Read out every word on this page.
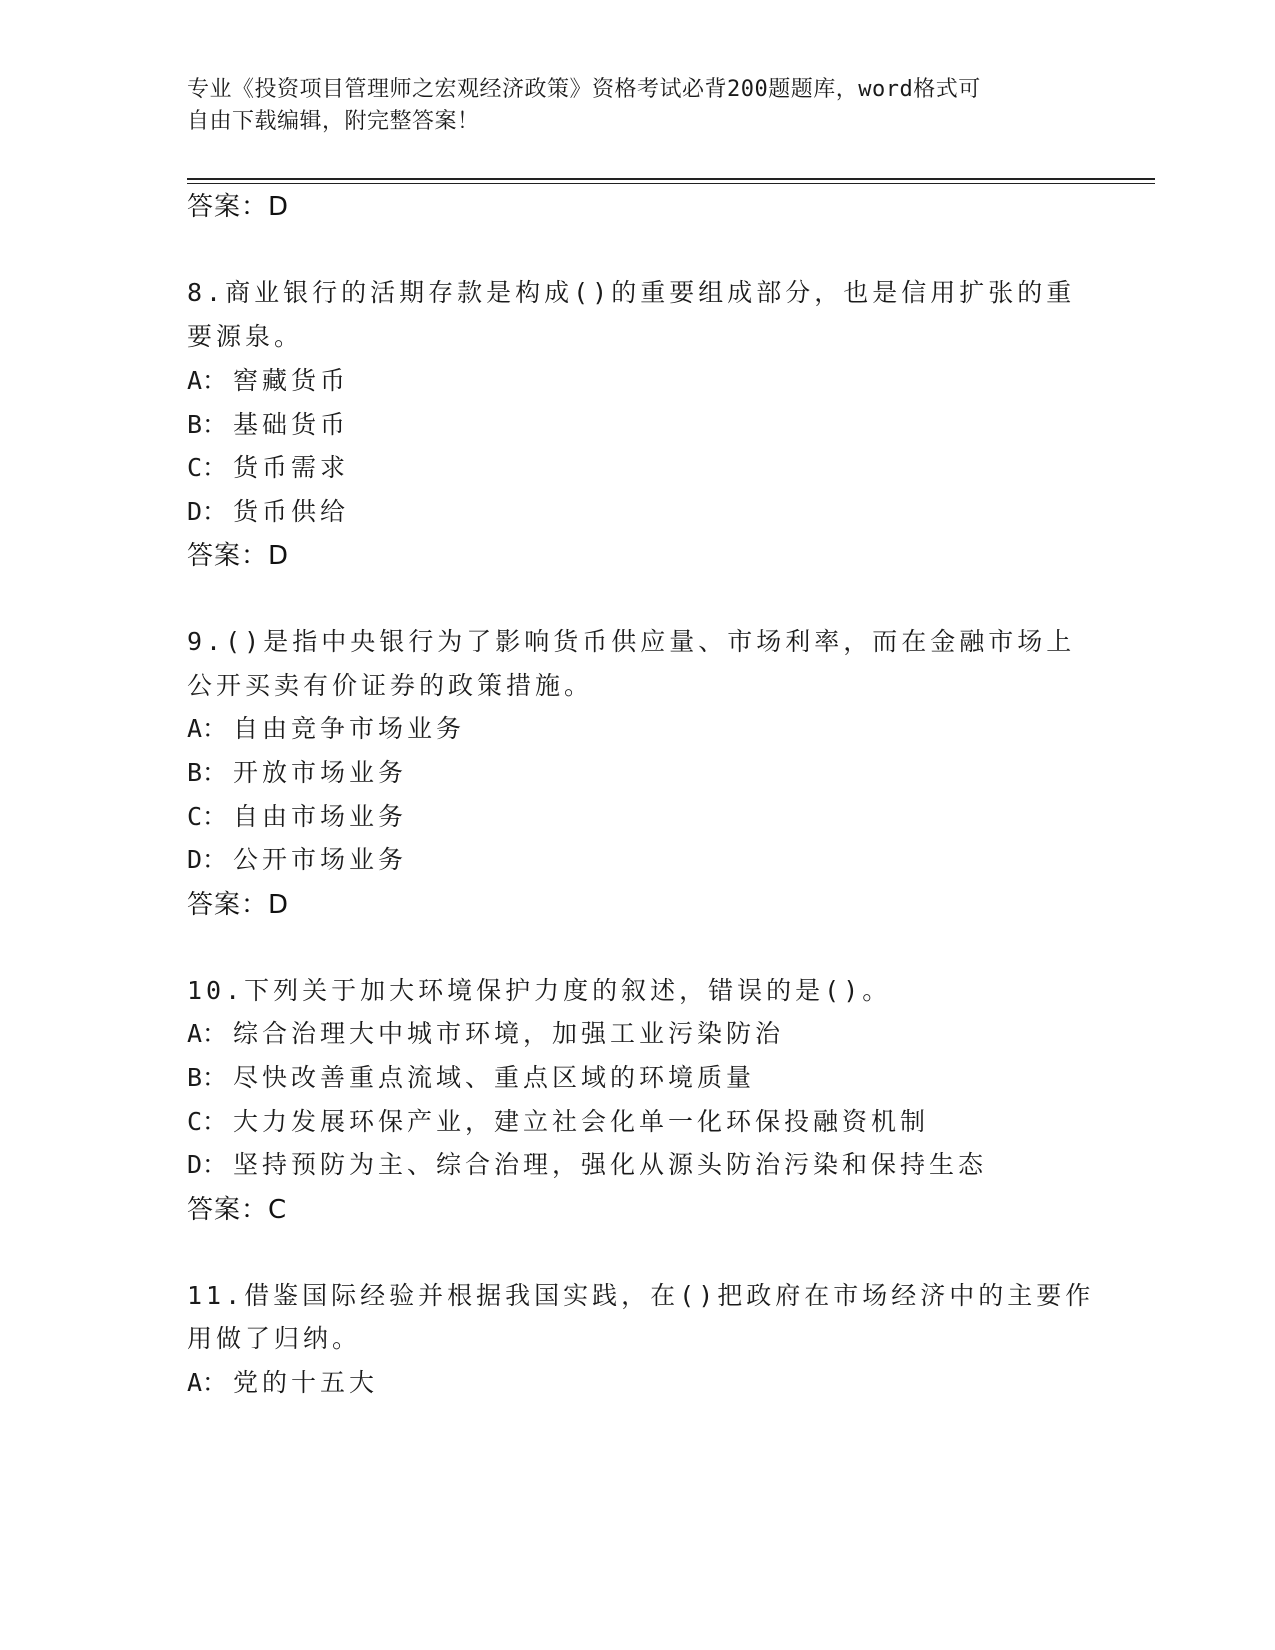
专业《投资项目管理师之宏观经济政策》资格考试必背200题题库，word格式可
自由下载编辑，附完整答案！
答案：D
8.商业银行的活期存款是构成()的重要组成部分，也是信用扩张的重
要源泉。
A： 窖藏货币
B： 基础货币
C： 货币需求
D： 货币供给
答案：D
9.()是指中央银行为了影响货币供应量、市场利率，而在金融市场上
公开买卖有价证券的政策措施。
A： 自由竞争市场业务
B： 开放市场业务
C： 自由市场业务
D： 公开市场业务
答案：D
10.下列关于加大环境保护力度的叙述，错误的是()。
A： 综合治理大中城市环境，加强工业污染防治
B： 尽快改善重点流域、重点区域的环境质量
C： 大力发展环保产业，建立社会化单一化环保投融资机制
D： 坚持预防为主、综合治理，强化从源头防治污染和保持生态
答案：C
11.借鉴国际经验并根据我国实践，在()把政府在市场经济中的主要作
用做了归纳。
A： 党的十五大
